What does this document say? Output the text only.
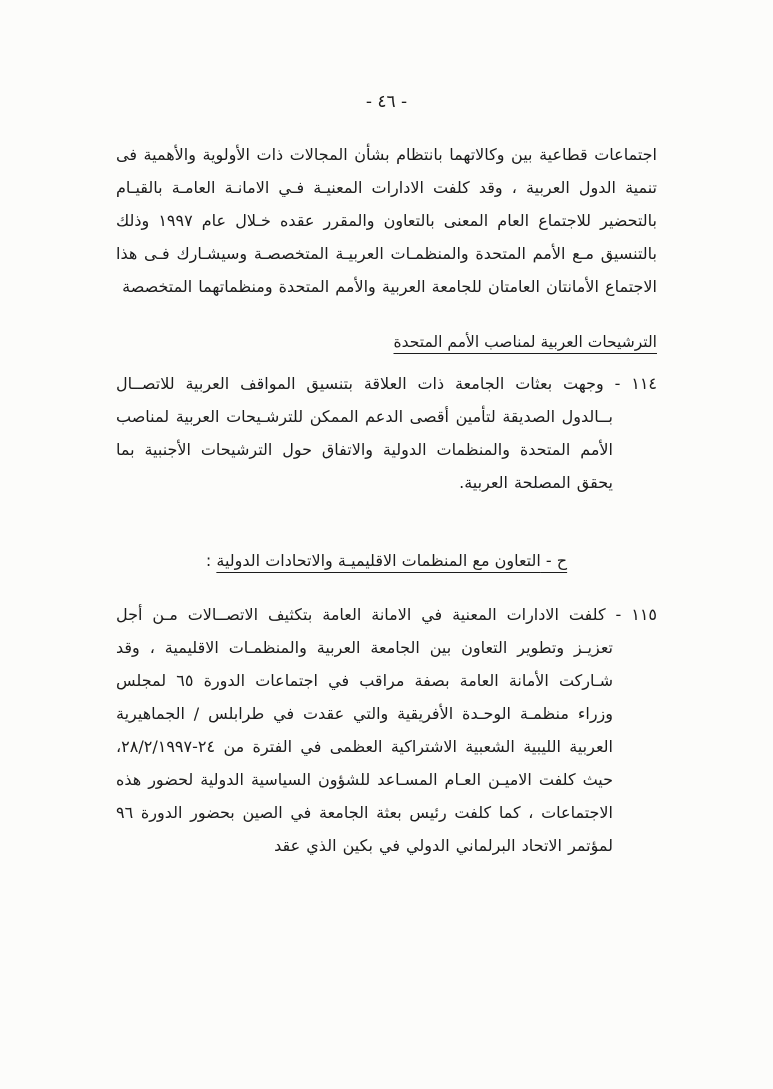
- ٤٦ -

اجتماعات قطاعية بين وكالاتهما بانتظام بشأن المجالات ذات الأولوية والأهمية فى تنمية الدول العربية ، وقد كلفت الادارات المعنيـة فـي الامانـة العامـة بالقيـام بالتحضير للاجتماع العام المعنى بالتعاون والمقرر عقده خـلال عام ١٩٩٧ وذلك بالتنسيق مـع الأمم المتحدة والمنظمـات العربيـة المتخصصـة وسيشـارك فـى هذا الاجتماع الأمانتان العامتان للجامعة العربية والأمم المتحدة ومنظماتهما المتخصصة

الترشيحات العربية لمناصب الأمم المتحدة

١١٤ - وجهت بعثات الجامعة ذات العلاقة بتنسيق المواقف العربية للاتصــال بــالدول الصديقة لتأمين أقصى الدعم الممكن للترشـيحات العربية لمناصب الأمم المتحدة والمنظمات الدولية والاتفاق حول الترشيحات الأجنبية بما يحقق المصلحة العربية.

ح - التعاون مع المنظمات الاقليميـة والاتحادات الدولية :

١١٥ - كلفت الادارات المعنية في الامانة العامة بتكثيف الاتصــالات مـن أجل تعزيـز وتطوير التعاون بين الجامعة العربية والمنظمـات الاقليمية ، وقد شـاركت الأمانة العامة بصفة مراقب في اجتماعات الدورة ٦٥ لمجلس وزراء منظمـة الوحـدة الأفريقية والتي عقدت في طرابلس / الجماهيرية العربية الليبية الشعبية الاشتراكية العظمى في الفترة من ٢٤-٢٨/٢/١٩٩٧، حيث كلفت الاميـن العـام المسـاعد للشؤون السياسية الدولية لحضور هذه الاجتماعات ، كما كلفت رئيس بعثة الجامعة في الصين بحضور الدورة ٩٦ لمؤتمر الاتحاد البرلماني الدولي في بكين الذي عقد
